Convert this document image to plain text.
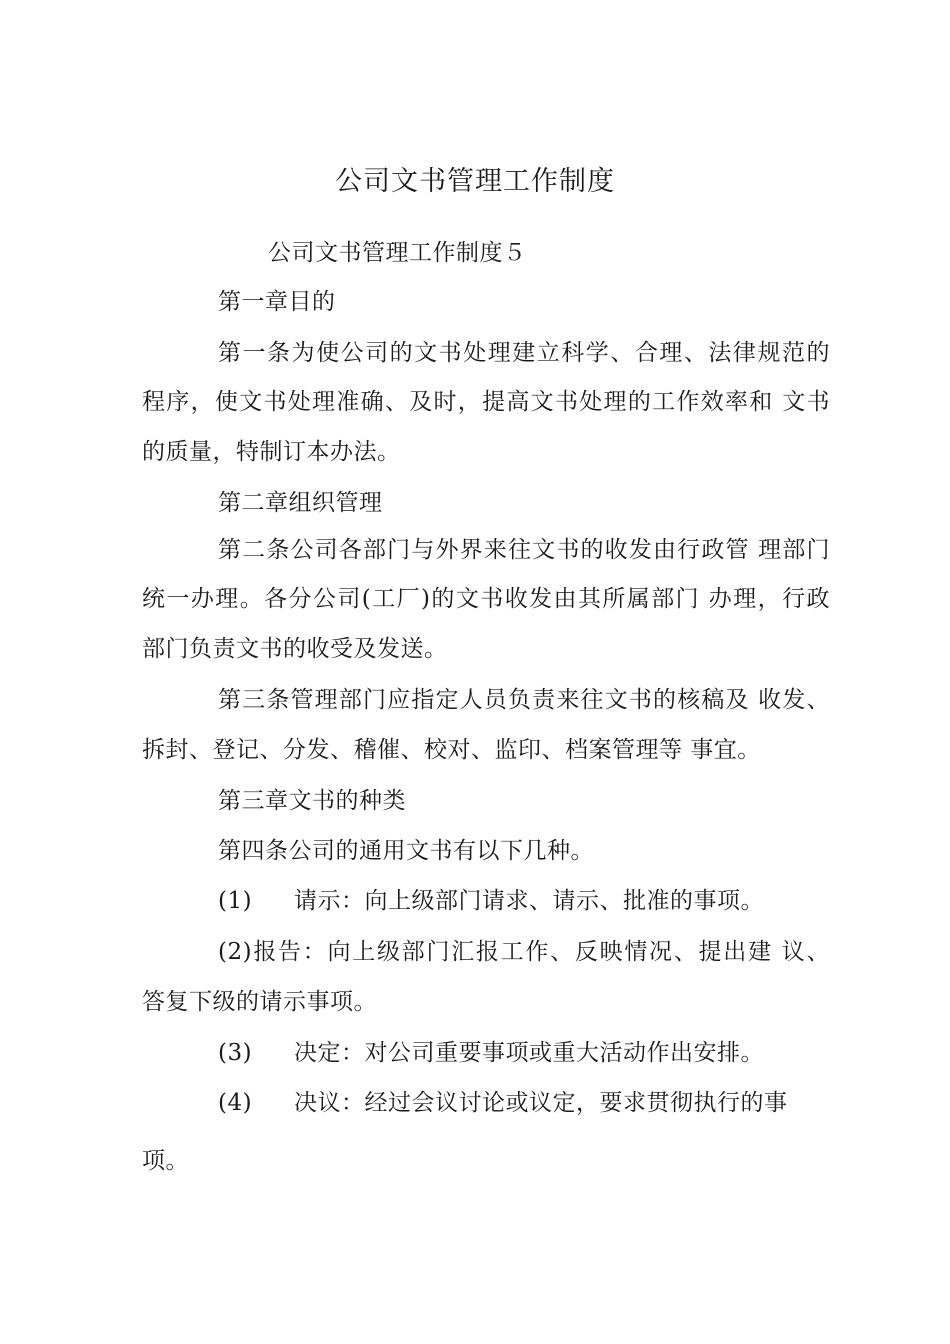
公司文书管理工作制度
公司文书管理工作制度５
第一章目的
第一条为使公司的文书处理建立科学、合理、法律规范的
程序，使文书处理准确、及时，提高文书处理的工作效率和 文书
的质量，特制订本办法。
第二章组织管理
第二条公司各部门与外界来往文书的收发由行政管 理部门
统一办理。各分公司(工厂)的文书收发由其所属部门 办理，行政
部门负责文书的收受及发送。
第三条管理部门应指定人员负责来往文书的核稿及 收发、
拆封、登记、分发、稽催、校对、监印、档案管理等 事宜。
第三章文书的种类
第四条公司的通用文书有以下几种。
(1) 请示：向上级部门请求、请示、批准的事项。
(2)报告：向上级部门汇报工作、反映情况、提出建 议、
答复下级的请示事项。
(3) 决定：对公司重要事项或重大活动作出安排。
(4) 决议：经过会议讨论或议定，要求贯彻执行的事
项。
